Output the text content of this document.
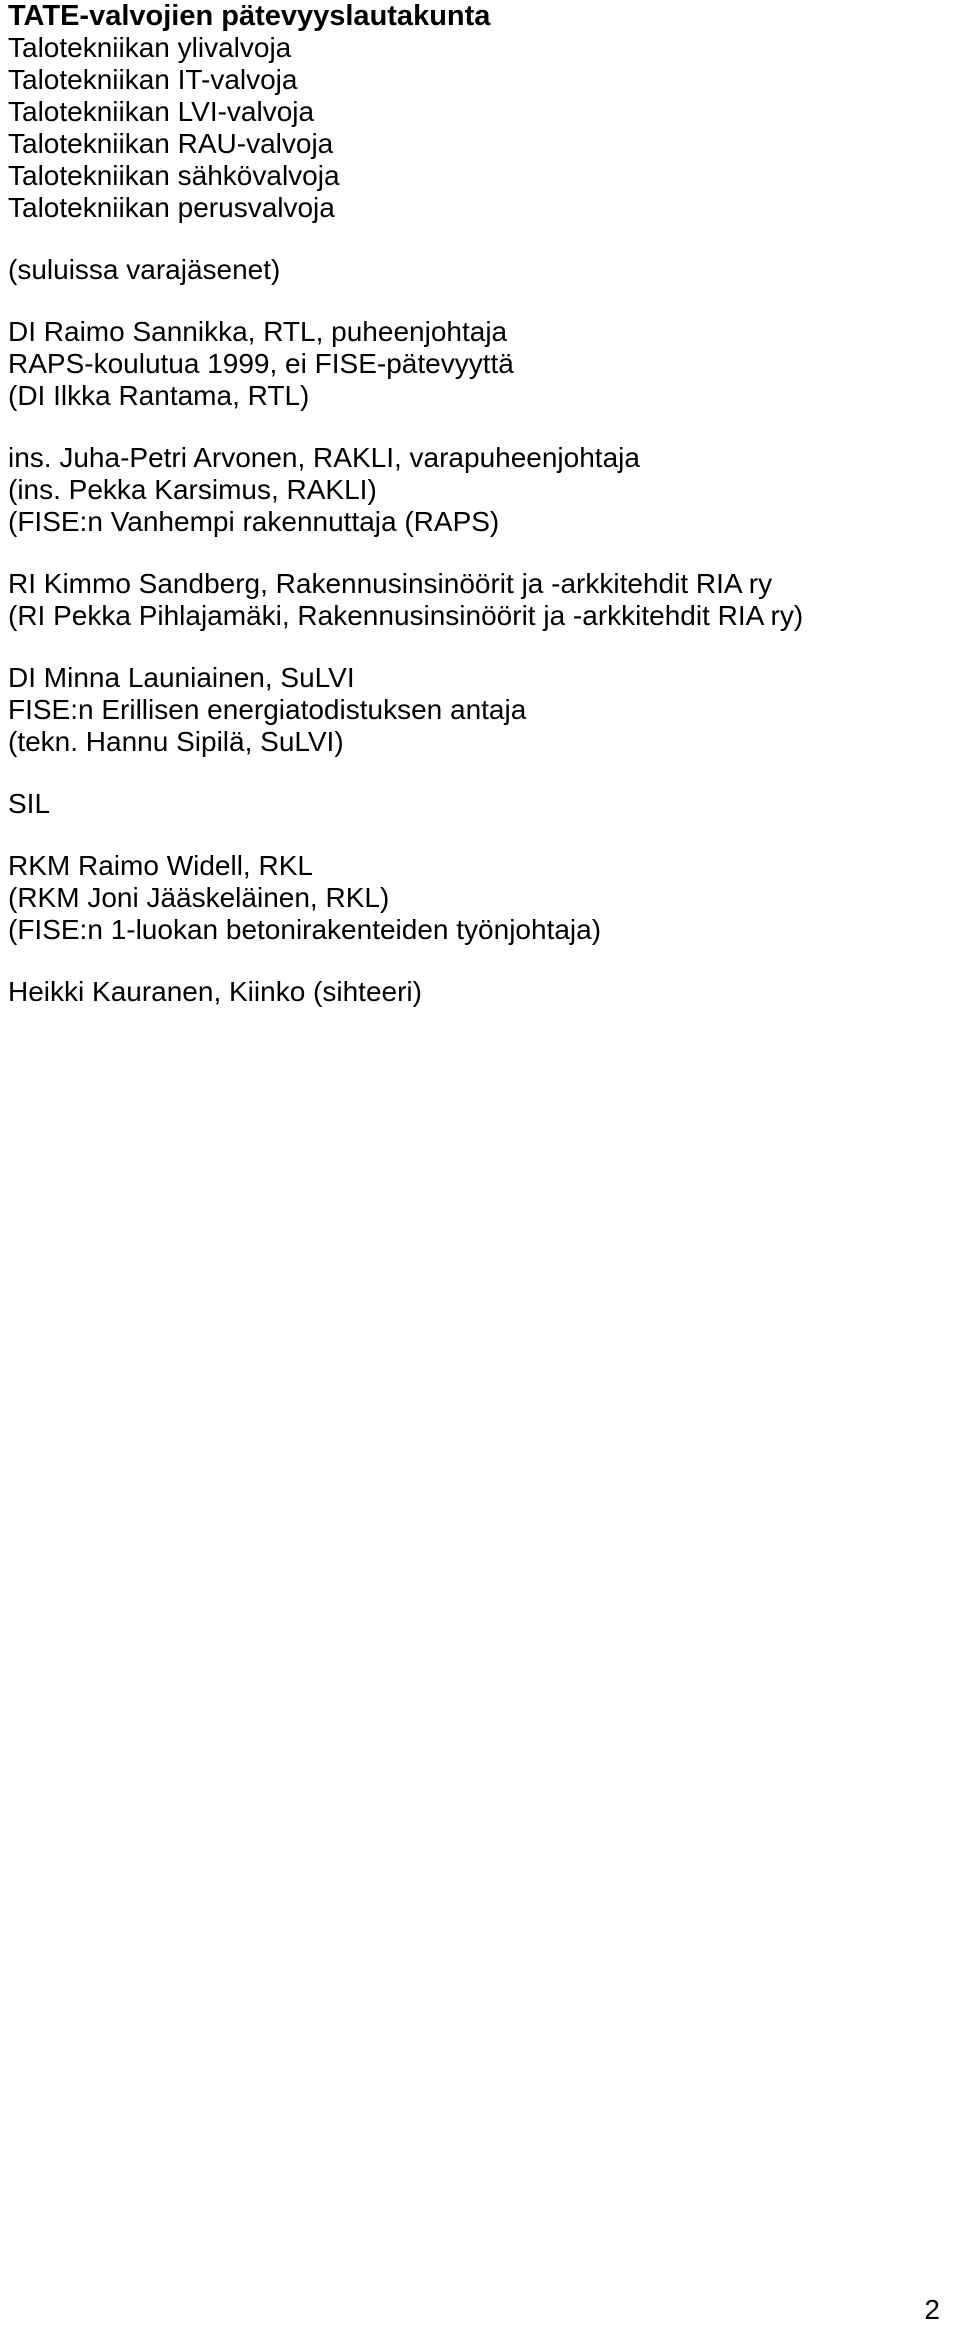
TATE-valvojien pätevyyslautakunta
Talotekniikan ylivalvoja
Talotekniikan IT-valvoja
Talotekniikan LVI-valvoja
Talotekniikan RAU-valvoja
Talotekniikan sähkövalvoja
Talotekniikan perusvalvoja
(suluissa varajäsenet)
DI Raimo Sannikka, RTL, puheenjohtaja
RAPS-koulutua 1999, ei FISE-pätevyyttä
(DI Ilkka Rantama, RTL)
ins. Juha-Petri Arvonen, RAKLI, varapuheenjohtaja
(ins. Pekka Karsimus, RAKLI)
(FISE:n Vanhempi rakennuttaja (RAPS)
RI Kimmo Sandberg, Rakennusinsinöörit ja -arkkitehdit RIA ry
(RI Pekka Pihlajamäki, Rakennusinsinöörit ja -arkkitehdit RIA ry)
DI Minna Launiainen, SuLVI
FISE:n Erillisen energiatodistuksen antaja
(tekn. Hannu Sipilä, SuLVI)
SIL
RKM Raimo Widell, RKL
(RKM Joni Jääskeläinen, RKL)
(FISE:n 1-luokan betonirakenteiden työnjohtaja)
Heikki Kauranen, Kiinko (sihteeri)
2
